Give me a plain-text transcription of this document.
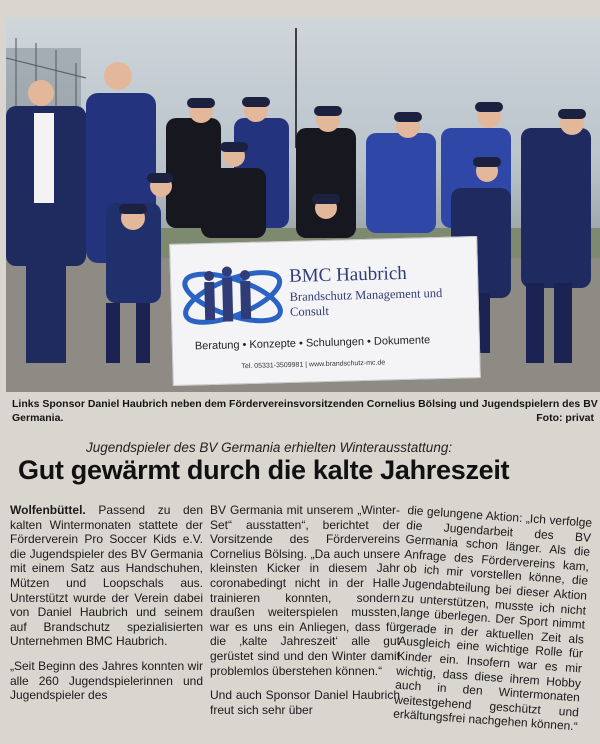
BMC Haubrich
Brandschutz Management und Consult
Beratung • Konzepte • Schulungen • Dokumente
Tel. 05331-3509981 | www.brandschutz-mc.de
Links Sponsor Daniel Haubrich neben dem Fördervereinsvorsitzenden Cornelius Bölsing und Jugendspielern des BV Germania.	Foto: privat
Jugendspieler des BV Germania erhielten Winterausstattung:
Gut gewärmt durch die kalte Jahreszeit

Wolfenbüttel. Passend zu den kalten Wintermonaten stattete der Förderverein Pro Soccer Kids e.V. die Jugendspieler des BV Germania mit einem Satz aus Handschuhen, Mützen und Loopschals aus. Unterstützt wurde der Verein dabei von Daniel Haubrich und seinem auf Brandschutz spezialisierten Unternehmen BMC Haubrich.

„Seit Beginn des Jahres konnten wir alle 260 Jugendspielerinnen und Jugendspieler des

BV Germania mit unserem „Winter-Set“ ausstatten“, berichtet der Vorsitzende des Fördervereins Cornelius Bölsing. „Da auch unsere kleinsten Kicker in diesem Jahr coronabedingt nicht in der Halle trainieren konnten, sondern draußen weiterspielen mussten, war es uns ein Anliegen, dass für die ‚kalte Jahreszeit‘ alle gut gerüstet sind und den Winter damit problemlos überstehen können.“

Und auch Sponsor Daniel Haubrich freut sich sehr über

die gelungene Aktion: „Ich verfolge die Jugendarbeit des BV Germania schon länger. Als die Anfrage des Fördervereins kam, ob ich mir vorstellen könne, die Jugendabteilung bei dieser Aktion zu unterstützen, musste ich nicht lange überlegen. Der Sport nimmt gerade in der aktuellen Zeit als Ausgleich eine wichtige Rolle für Kinder ein. Insofern war es mir wichtig, dass diese ihrem Hobby auch in den Wintermonaten weitestgehend geschützt und erkältungsfrei nachgehen können.“
